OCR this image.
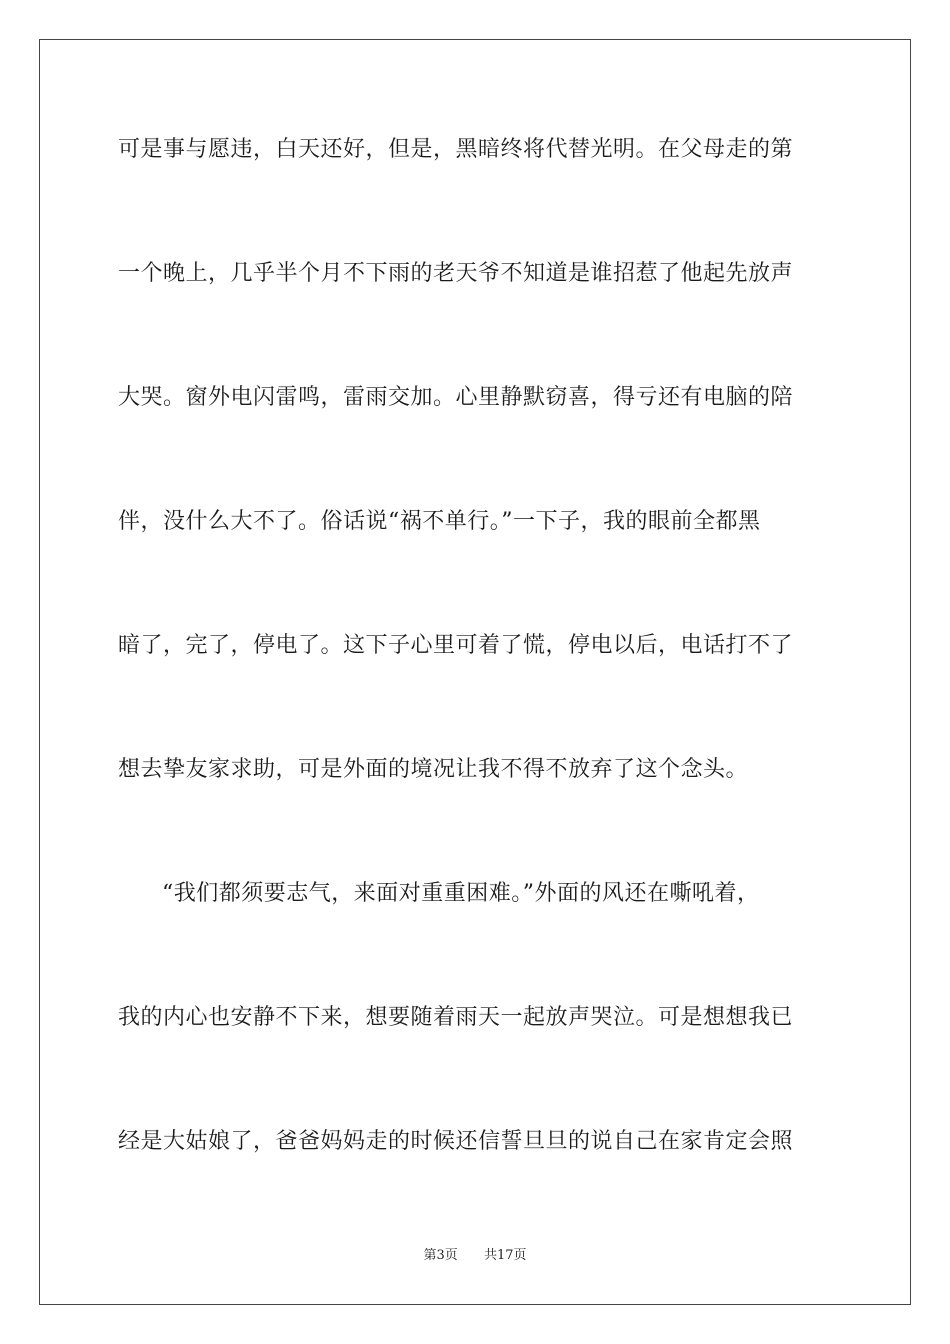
可是事与愿违，白天还好，但是，黑暗终将代替光明。在父母走的第
一个晚上，几乎半个月不下雨的老天爷不知道是谁招惹了他起先放声
大哭。窗外电闪雷鸣，雷雨交加。心里静默窃喜，得亏还有电脑的陪
伴，没什么大不了。俗话说“祸不单行。”一下子，我的眼前全都黑
暗了，完了，停电了。这下子心里可着了慌，停电以后，电话打不了
想去挚友家求助，可是外面的境况让我不得不放弃了这个念头。
“我们都须要志气，来面对重重困难。”外面的风还在嘶吼着，
我的内心也安静不下来，想要随着雨天一起放声哭泣。可是想想我已
经是大姑娘了，爸爸妈妈走的时候还信誓旦旦的说自己在家肯定会照
第3页 共17页
